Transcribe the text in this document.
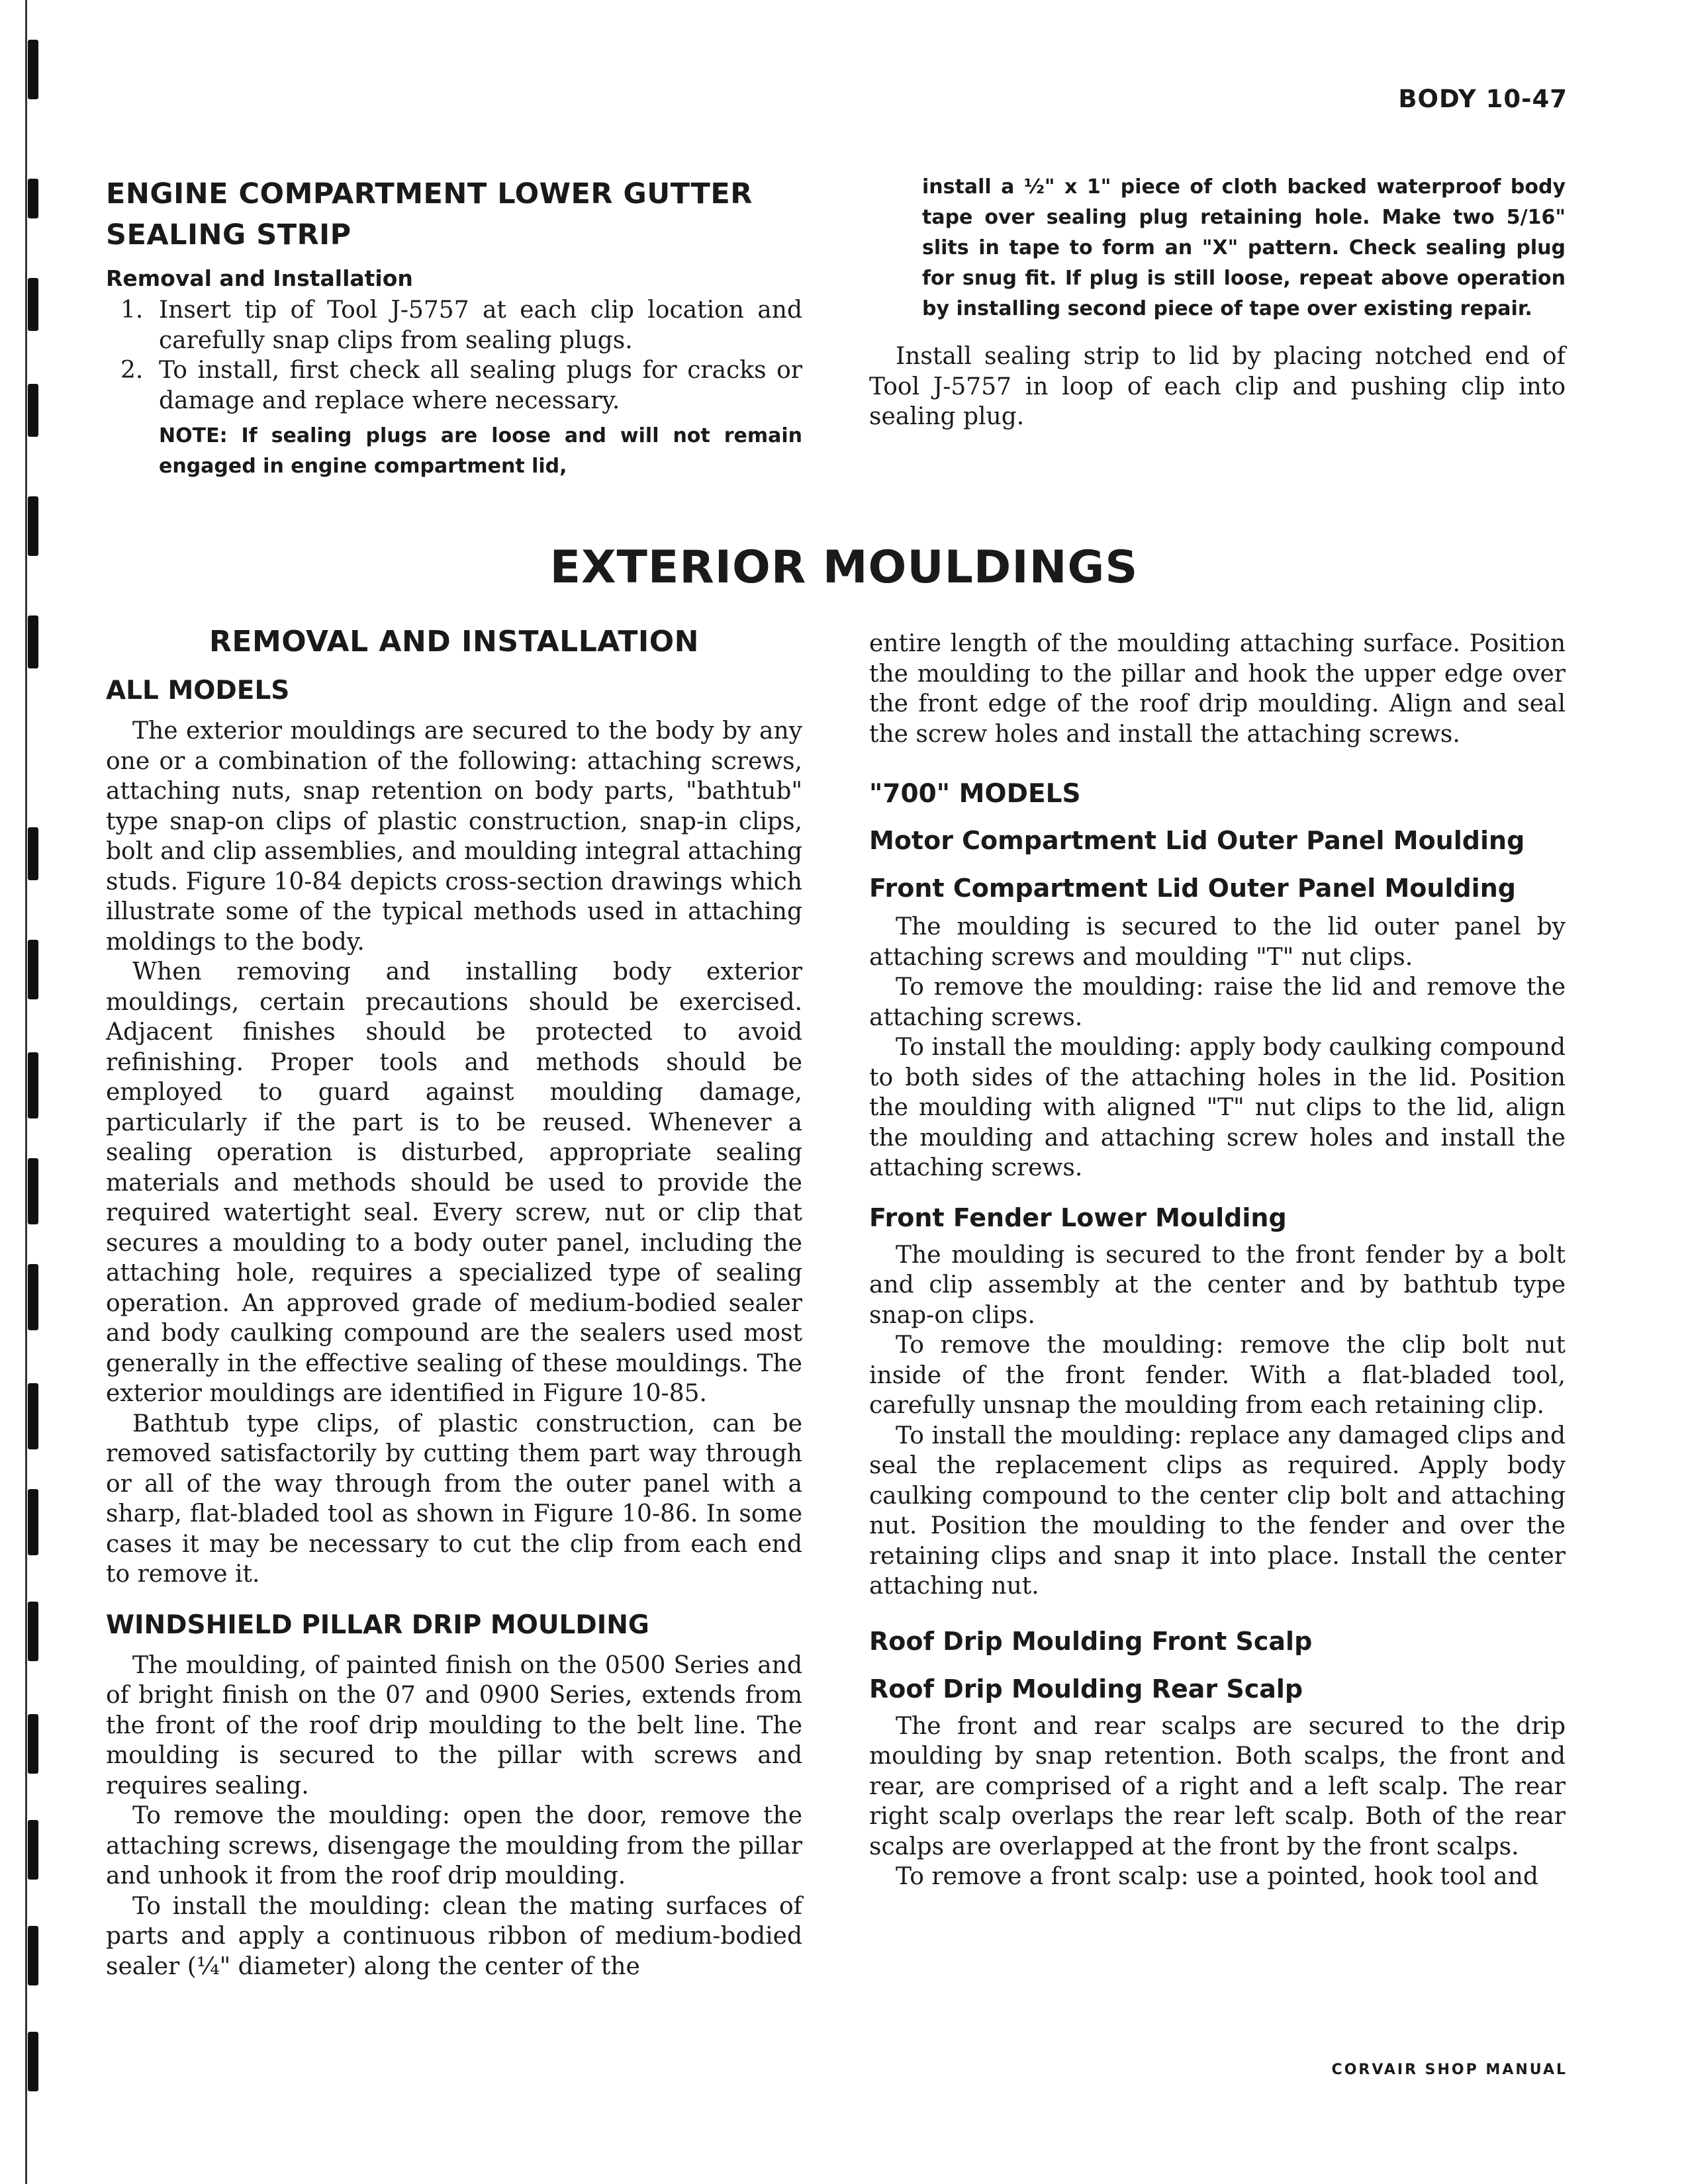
BODY 10-47
ENGINE COMPARTMENT LOWER GUTTER
SEALING STRIP
Removal and Installation
1. Insert tip of Tool J-5757 at each clip location and carefully snap clips from sealing plugs.
2. To install, first check all sealing plugs for cracks or damage and replace where necessary.
NOTE: If sealing plugs are loose and will not remain engaged in engine compartment lid,
install a ½" x 1" piece of cloth backed waterproof body tape over sealing plug retaining hole. Make two 5/16" slits in tape to form an "X" pattern. Check sealing plug for snug fit. If plug is still loose, repeat above operation by installing second piece of tape over existing repair.

Install sealing strip to lid by placing notched end of Tool J-5757 in loop of each clip and pushing clip into sealing plug.

EXTERIOR MOULDINGS
REMOVAL AND INSTALLATION
ALL MODELS

The exterior mouldings are secured to the body by any one or a combination of the following: attaching screws, attaching nuts, snap retention on body parts, "bathtub" type snap-on clips of plastic construction, snap-in clips, bolt and clip assemblies, and moulding integral attaching studs. Figure 10-84 depicts cross-section drawings which illustrate some of the typical methods used in attaching moldings to the body.

When removing and installing body exterior mouldings, certain precautions should be exercised. Adjacent finishes should be protected to avoid refinishing. Proper tools and methods should be employed to guard against moulding damage, particularly if the part is to be reused. Whenever a sealing operation is disturbed, appropriate sealing materials and methods should be used to provide the required watertight seal. Every screw, nut or clip that secures a moulding to a body outer panel, including the attaching hole, requires a specialized type of sealing operation. An approved grade of medium-bodied sealer and body caulking compound are the sealers used most generally in the effective sealing of these mouldings. The exterior mouldings are identified in Figure 10-85.

Bathtub type clips, of plastic construction, can be removed satisfactorily by cutting them part way through or all of the way through from the outer panel with a sharp, flat-bladed tool as shown in Figure 10-86. In some cases it may be necessary to cut the clip from each end to remove it.

WINDSHIELD PILLAR DRIP MOULDING

The moulding, of painted finish on the 0500 Series and of bright finish on the 07 and 0900 Series, extends from the front of the roof drip moulding to the belt line. The moulding is secured to the pillar with screws and requires sealing.

To remove the moulding: open the door, remove the attaching screws, disengage the moulding from the pillar and unhook it from the roof drip moulding.

To install the moulding: clean the mating surfaces of parts and apply a continuous ribbon of medium-bodied sealer (¼" diameter) along the center of the

entire length of the moulding attaching surface. Position the moulding to the pillar and hook the upper edge over the front edge of the roof drip moulding. Align and seal the screw holes and install the attaching screws.

"700" MODELS
Motor Compartment Lid Outer Panel Moulding
Front Compartment Lid Outer Panel Moulding

The moulding is secured to the lid outer panel by attaching screws and moulding "T" nut clips.

To remove the moulding: raise the lid and remove the attaching screws.

To install the moulding: apply body caulking compound to both sides of the attaching holes in the lid. Position the moulding with aligned "T" nut clips to the lid, align the moulding and attaching screw holes and install the attaching screws.

Front Fender Lower Moulding

The moulding is secured to the front fender by a bolt and clip assembly at the center and by bathtub type snap-on clips.

To remove the moulding: remove the clip bolt nut inside of the front fender. With a flat-bladed tool, carefully unsnap the moulding from each retaining clip.

To install the moulding: replace any damaged clips and seal the replacement clips as required. Apply body caulking compound to the center clip bolt and attaching nut. Position the moulding to the fender and over the retaining clips and snap it into place. Install the center attaching nut.

Roof Drip Moulding Front Scalp
Roof Drip Moulding Rear Scalp

The front and rear scalps are secured to the drip moulding by snap retention. Both scalps, the front and rear, are comprised of a right and a left scalp. The rear right scalp overlaps the rear left scalp. Both of the rear scalps are overlapped at the front by the front scalps.

To remove a front scalp: use a pointed, hook tool and

CORVAIR SHOP MANUAL
